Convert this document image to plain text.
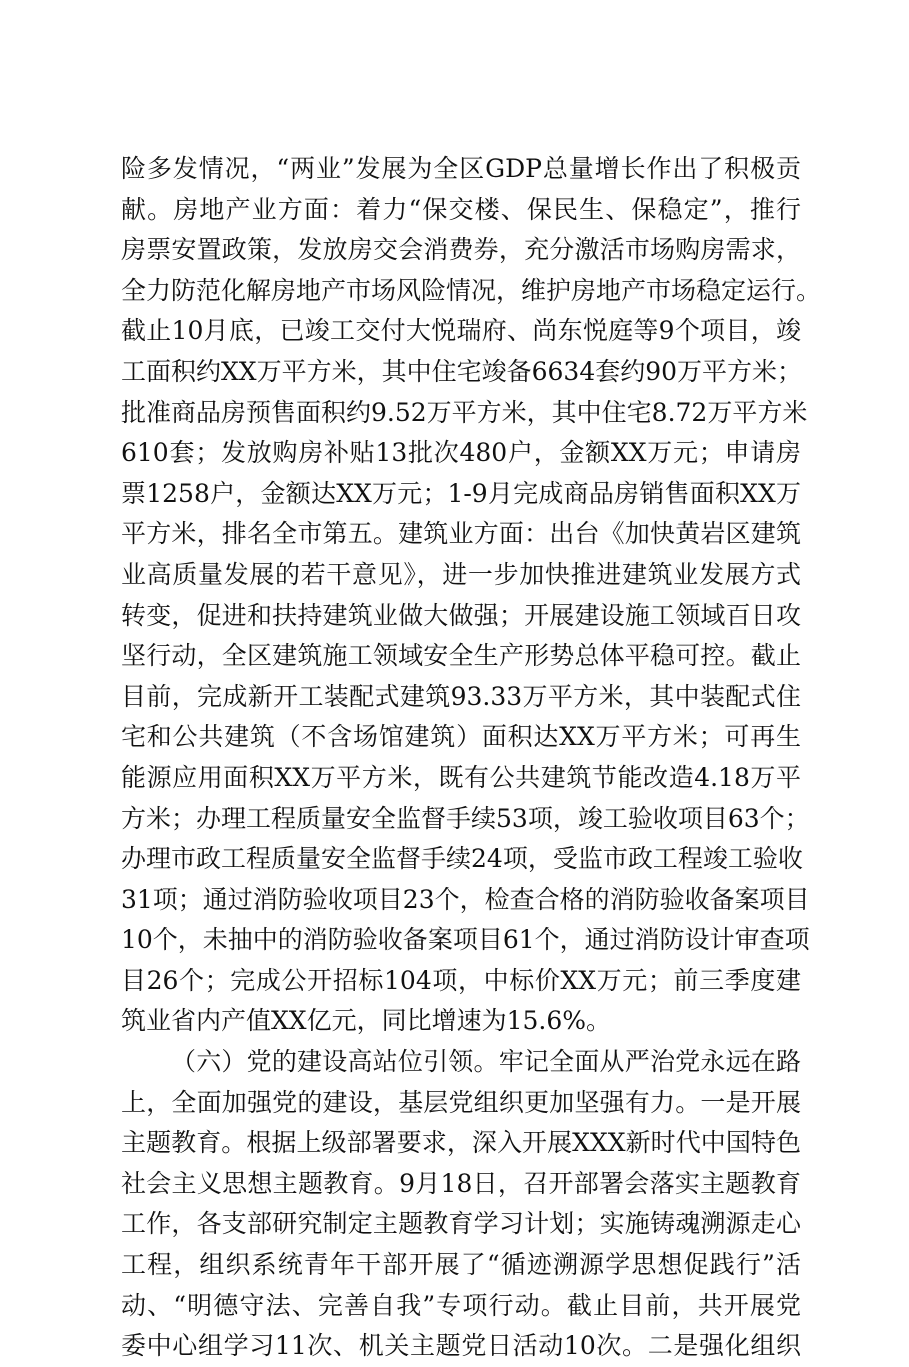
险多发情况，“两业”发展为全区GDP总量增长作出了积极贡
献。房地产业方面：着力“保交楼、保民生、保稳定”，推行
房票安置政策，发放房交会消费券，充分激活市场购房需求，
全力防范化解房地产市场风险情况，维护房地产市场稳定运行。
截止10月底，已竣工交付大悦瑞府、尚东悦庭等9个项目，竣
工面积约XX万平方米，其中住宅竣备6634套约90万平方米；
批准商品房预售面积约9.52万平方米，其中住宅8.72万平方米
610套；发放购房补贴13批次480户，金额XX万元；申请房
票1258户，金额达XX万元；1-9月完成商品房销售面积XX万
平方米，排名全市第五。建筑业方面：出台《加快黄岩区建筑
业高质量发展的若干意见》，进一步加快推进建筑业发展方式
转变，促进和扶持建筑业做大做强；开展建设施工领域百日攻
坚行动，全区建筑施工领域安全生产形势总体平稳可控。截止
目前，完成新开工装配式建筑93.33万平方米，其中装配式住
宅和公共建筑（不含场馆建筑）面积达XX万平方米；可再生
能源应用面积XX万平方米，既有公共建筑节能改造4.18万平
方米；办理工程质量安全监督手续53项，竣工验收项目63个；
办理市政工程质量安全监督手续24项，受监市政工程竣工验收
31项；通过消防验收项目23个，检查合格的消防验收备案项目
10个，未抽中的消防验收备案项目61个，通过消防设计审查项
目26个；完成公开招标104项，中标价XX万元；前三季度建
筑业省内产值XX亿元，同比增速为15.6%。
（六）党的建设高站位引领。牢记全面从严治党永远在路
上，全面加强党的建设，基层党组织更加坚强有力。一是开展
主题教育。根据上级部署要求，深入开展XXX新时代中国特色
社会主义思想主题教育。9月18日，召开部署会落实主题教育
工作，各支部研究制定主题教育学习计划；实施铸魂溯源走心
工程，组织系统青年干部开展了“循迹溯源学思想促践行”活
动、“明德守法、完善自我”专项行动。截止目前，共开展党
委中心组学习11次、机关主题党日活动10次。二是强化组织
